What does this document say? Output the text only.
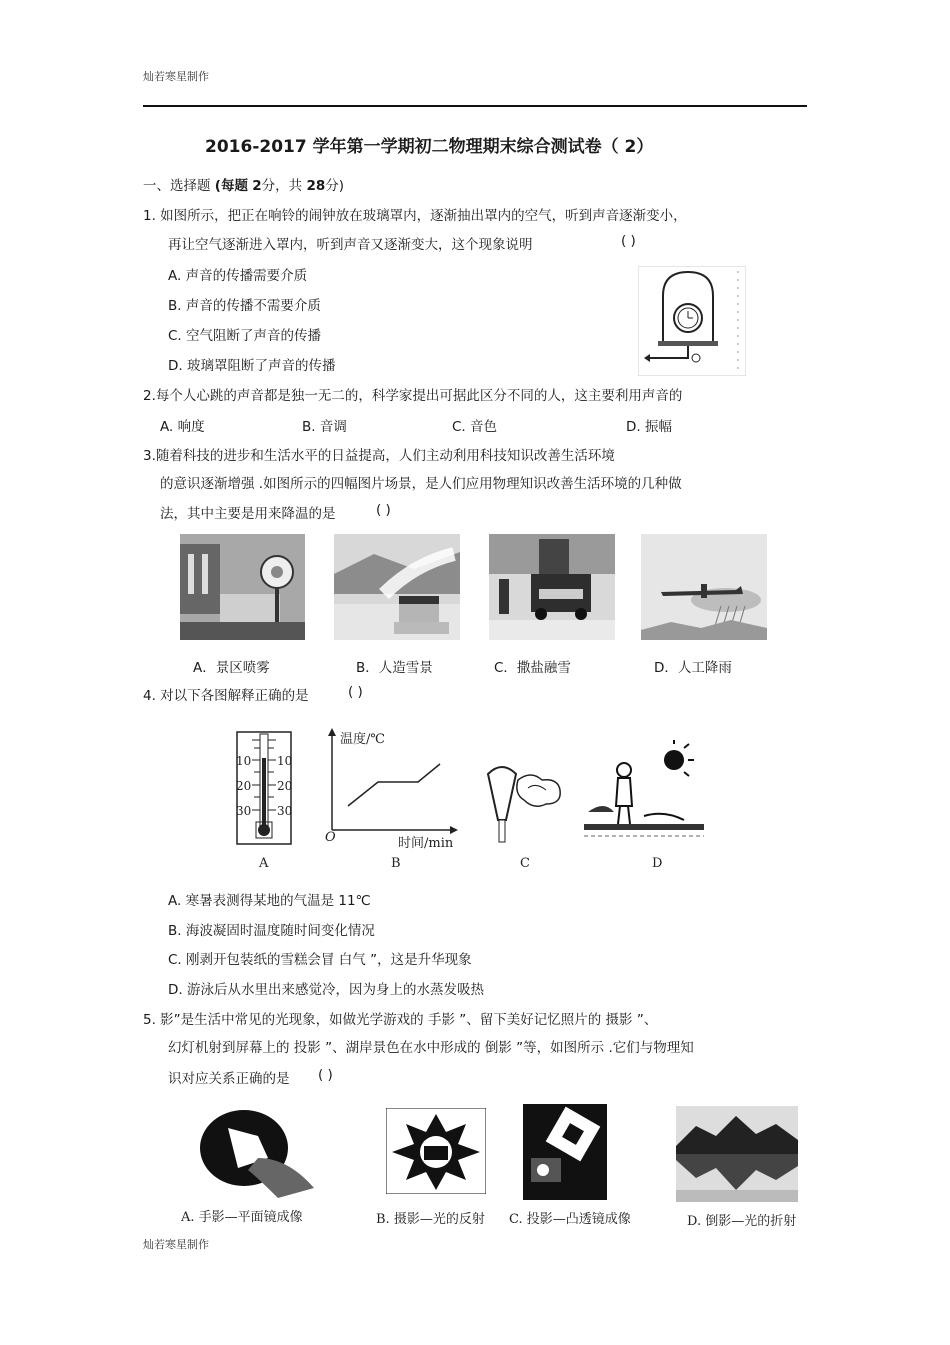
灿若寒星制作
2016-2017 学年第一学期初二物理期末综合测试卷（ 2）
一、选择题 (每题 2分，共 28分)
1. 如图所示，把正在响铃的闹钟放在玻璃罩内，逐渐抽出罩内的空气，听到声音逐渐变小，
再让空气逐渐进入罩内，听到声音又逐渐变大，这个现象说明	( )
A. 声音的传播需要介质
B. 声音的传播不需要介质
C. 空气阻断了声音的传播
D. 玻璃罩阻断了声音的传播
2.每个人心跳的声音都是独一无二的，科学家提出可据此区分不同的人，这主要利用声音的
A. 响度	B. 音调	C. 音色	D. 振幅
3.随着科技的进步和生活水平的日益提高，人们主动利用科技知识改善生活环境
的意识逐渐增强 .如图所示的四幅图片场景，是人们应用物理知识改善生活环境的几种做
法，其中主要是用来降温的是	( )
A．景区喷雾	B．人造雪景	C．撒盐融雪	D．人工降雨
4. 对以下各图解释正确的是	( )
10
20
30
10
20
30
温度/℃
时间/min
O
A	B	C	D
A. 寒暑表测得某地的气温是 11℃
B. 海波凝固时温度随时间变化情况
C. 刚剥开包装纸的雪糕会冒 白气 ”，这是升华现象
D. 游泳后从水里出来感觉冷，因为身上的水蒸发吸热
5. 影”是生活中常见的光现象，如做光学游戏的 手影 ”、留下美好记忆照片的 摄影 ”、
幻灯机射到屏幕上的 投影 ”、湖岸景色在水中形成的 倒影 ”等，如图所示 .它们与物理知
识对应关系正确的是 ( )
A. 手影—平面镜成像	B. 摄影—光的反射 C. 投影—凸透镜成像	D. 倒影—光的折射
灿若寒星制作
